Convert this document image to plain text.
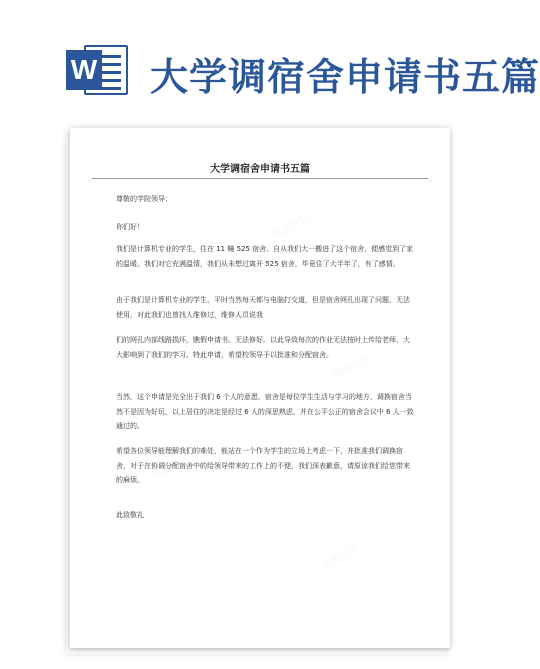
W 大学调宿舍申请书五篇
熊猫办公
熊猫办公
熊猫办公
熊猫办公
大学调宿舍申请书五篇
尊敬的学院领导：
你们好！
我们是计算机专业的学生，住在 11 幢 525 宿舍。自从我们大一搬进了这个宿舍，便感觉到了家的温暖。我们对它充满温情，我们从未想过离开 525 宿舍，毕竟住了大半年了，有了感情。
由于我们是计算机专业的学生，平时当然每天都与电脑打交道，但是宿舍网孔出现了问题，无法使用，对此我们也曾找人维修过，维修人员说我
们的网孔内部线路损坏，瞧假申请书。无法修好。以此导致每次的作业无法按时上传给老师，大大影响到了我们的学习。特此申请，希望校领导予以批准和分配宿舍。
当然，这个申请是完全出于我们 6 个人的意愿，宿舍是每位学生生活与学习的地方，调换宿舍当然不是因为好玩，以上居住的决定是经过 6 人的深思熟虑，并在公平公正的宿舍会议中 6 人一致通过的。
希望各位领导能理解我们的难处，能站在一个作为学生的立场上考虑一下，并批准我们调换宿舍，对于在协调分配宿舍中的给领导带来的工作上的不便，我们深表歉意，请原谅我们给您带来的麻烦。
此致敬礼
